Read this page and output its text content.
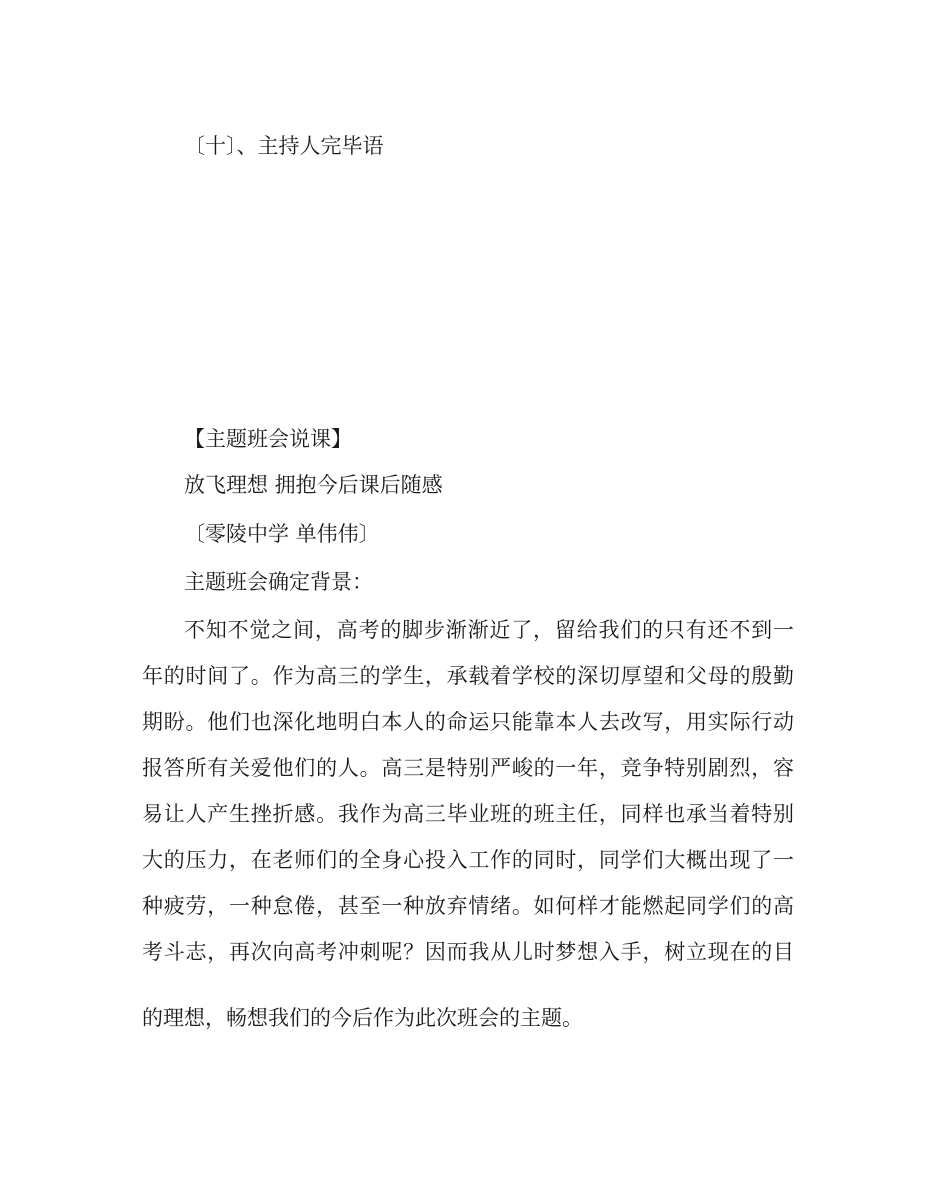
〔十〕、主持人完毕语

【主题班会说课】

放飞理想 拥抱今后课后随感

〔零陵中学 单伟伟〕

主题班会确定背景：

不知不觉之间，高考的脚步渐渐近了，留给我们的只有还不到一

年的时间了。作为高三的学生，承载着学校的深切厚望和父母的殷勤

期盼。他们也深化地明白本人的命运只能靠本人去改写，用实际行动

报答所有关爱他们的人。高三是特别严峻的一年，竞争特别剧烈，容

易让人产生挫折感。我作为高三毕业班的班主任，同样也承当着特别

大的压力，在老师们的全身心投入工作的同时，同学们大概出现了一

种疲劳，一种怠倦，甚至一种放弃情绪。如何样才能燃起同学们的高

考斗志，再次向高考冲刺呢？因而我从儿时梦想入手，树立现在的目

的理想，畅想我们的今后作为此次班会的主题。
